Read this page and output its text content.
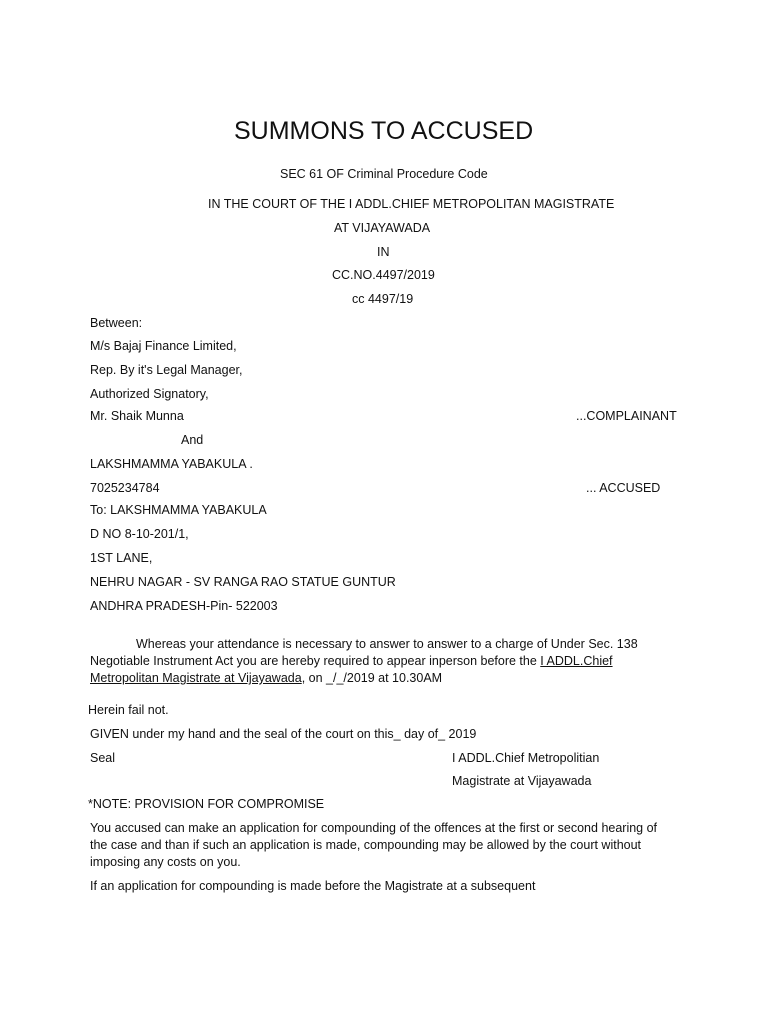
SUMMONS TO ACCUSED
SEC 61 OF Criminal Procedure Code
IN THE COURT OF THE I ADDL.CHIEF METROPOLITAN MAGISTRATE
AT VIJAYAWADA
IN
CC.NO.4497/2019
cc 4497/19
Between:
M/s Bajaj Finance Limited,
Rep. By it's Legal Manager,
Authorized Signatory,
Mr. Shaik Munna	...COMPLAINANT
And
LAKSHMAMMA YABAKULA .
7025234784	... ACCUSED
To: LAKSHMAMMA YABAKULA
D NO 8-10-201/1,
1ST LANE,
NEHRU NAGAR - SV RANGA RAO STATUE GUNTUR
ANDHRA PRADESH-Pin- 522003
Whereas your attendance is necessary to answer to answer to a charge of Under Sec. 138 Negotiable Instrument Act you are hereby required to appear inperson before the I ADDL.Chief Metropolitan Magistrate at Vijayawada, on _/_/2019 at 10.30AM
Herein fail not.
GIVEN under my hand and the seal of the court on this_ day of_ 2019
Seal	I ADDL.Chief Metropolitian
Magistrate at Vijayawada
*NOTE: PROVISION FOR COMPROMISE
You accused can make an application for compounding of the offences at the first or second hearing of the case and than if such an application is made, compounding may be allowed by the court without imposing any costs on you.
If an application for compounding is made before the Magistrate at a subsequent
